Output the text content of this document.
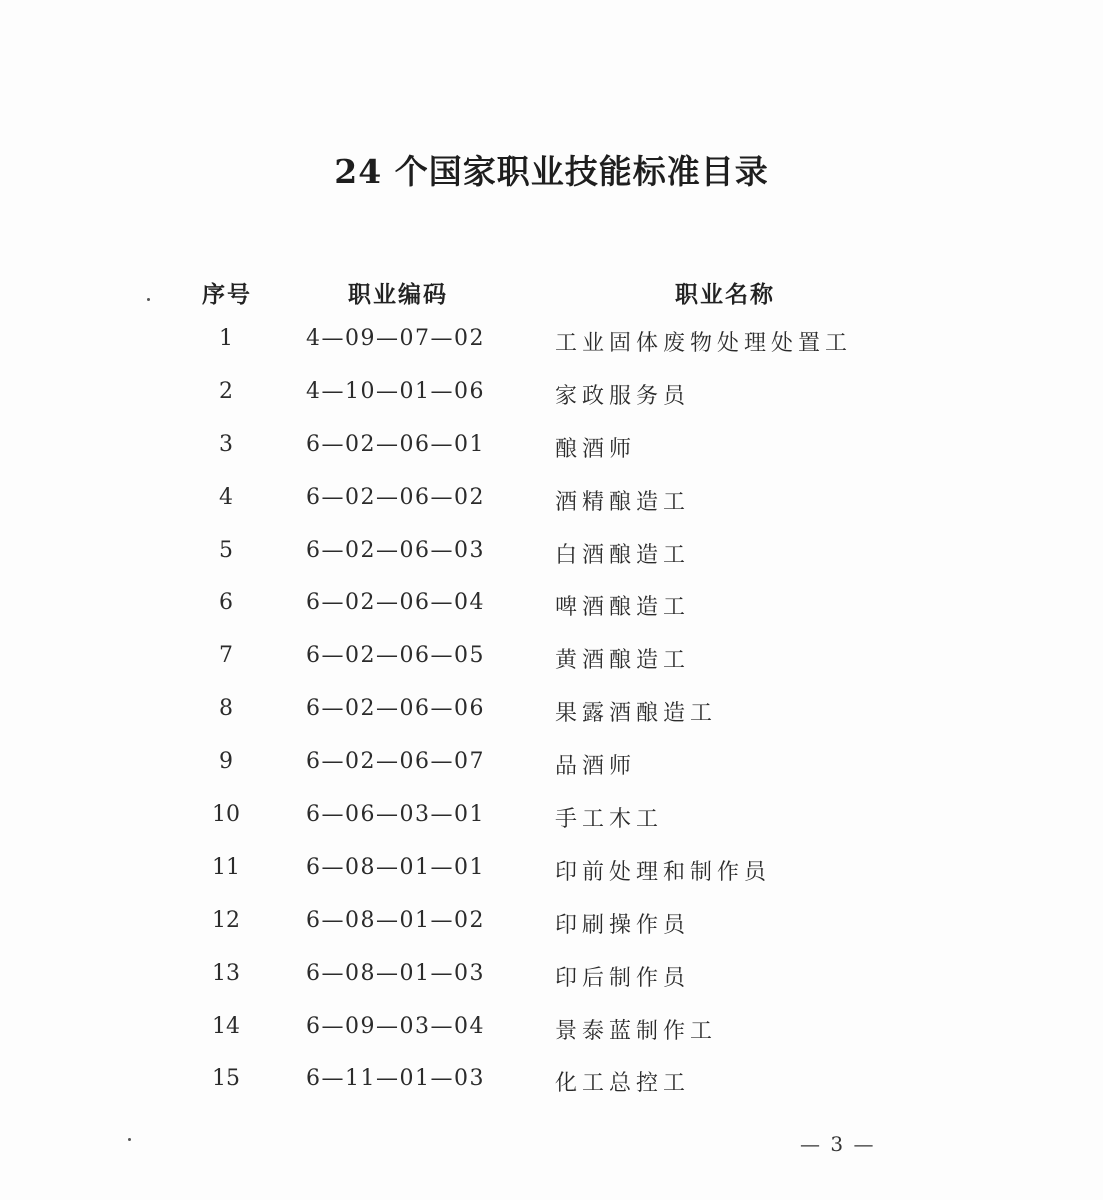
24 个国家职业技能标准目录
序号	职业编码	职业名称
1	4—09—07—02	工业固体废物处理处置工
2	4—10—01—06	家政服务员
3	6—02—06—01	酿酒师
4	6—02—06—02	酒精酿造工
5	6—02—06—03	白酒酿造工
6	6—02—06—04	啤酒酿造工
7	6—02—06—05	黄酒酿造工
8	6—02—06—06	果露酒酿造工
9	6—02—06—07	品酒师
10	6—06—03—01	手工木工
11	6—08—01—01	印前处理和制作员
12	6—08—01—02	印刷操作员
13	6—08—01—03	印后制作员
14	6—09—03—04	景泰蓝制作工
15	6—11—01—03	化工总控工
— 3 —
